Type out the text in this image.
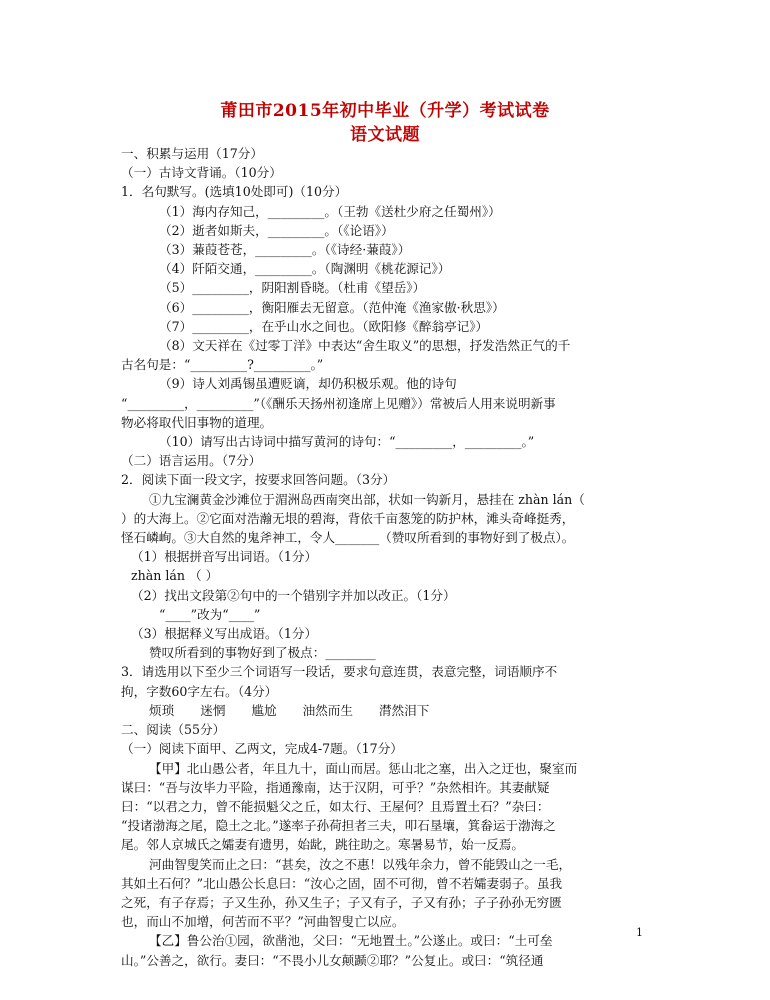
莆田市2015年初中毕业（升学）考试试卷
语文试题

一、积累与运用（17分）

（一）古诗文背诵。（10分）

1．名句默写。(选填10处即可)（10分）

（1）海内存知己，_________。（王勃《送杜少府之任蜀州》）

（2）逝者如斯夫，_________。（《论语》）

（3）蒹葭苍苍，_________。（《诗经·蒹葭》）

（4）阡陌交通，_________。（陶渊明《桃花源记》）

（5）_________，阴阳割昏晓。（杜甫《望岳》）

（6）_________，衡阳雁去无留意。（范仲淹《渔家傲·秋思》）

（7）_________，在乎山水之间也。（欧阳修《醉翁亭记》）

（8）文天祥在《过零丁洋》中表达“舍生取义”的思想，抒发浩然正气的千

古名句是：“_________?_________。”

（9）诗人刘禹锡虽遭贬谪，却仍积极乐观。他的诗句

“_________，_________”（《酬乐天扬州初逢席上见赠》）常被后人用来说明新事

物必将取代旧事物的道理。

（10）请写出古诗词中描写黄河的诗句：“_________，_________。”

（二）语言运用。（7分）

2．阅读下面一段文字，按要求回答问题。（3分）

①九宝澜黄金沙滩位于湄洲岛西南突出部，状如一钩新月，悬挂在 zhàn lán（

）的大海上。②它面对浩瀚无垠的碧海，背依千亩葱笼的防护林，滩头奇峰挺秀，

怪石嶙峋。③大自然的鬼斧神工，令人_______（赞叹所看到的事物好到了极点）。

（1）根据拼音写出词语。（1分）

zhàn lán （ ）

（2）找出文段第②句中的一个错别字并加以改正。（1分）

“____”改为“____”

（3）根据释义写出成语。（1分）

赞叹所看到的事物好到了极点：________

3．请选用以下至少三个词语写一段话，要求句意连贯，表意完整，词语顺序不

拘，字数60字左右。（4分）

烦琐 迷惘 尴尬 油然而生 潸然泪下

二、阅读（55分）

（一）阅读下面甲、乙两文，完成4-7题。（17分）

【甲】北山愚公者，年且九十，面山而居。惩山北之塞，出入之迂也，聚室而

谋曰：“吾与汝毕力平险，指通豫南，达于汉阴，可乎？”杂然相许。其妻献疑

曰：“以君之力，曾不能损魁父之丘，如太行、王屋何？且焉置土石？”杂曰：

“投诸渤海之尾，隐土之北。”遂率子孙荷担者三夫，叩石垦壤，箕畚运于渤海之

尾。邻人京城氏之孀妻有遗男，始龀，跳往助之。寒暑易节，始一反焉。

河曲智叟笑而止之曰：“甚矣，汝之不惠！以残年余力，曾不能毁山之一毛，

其如土石何？”北山愚公长息曰：“汝心之固，固不可彻，曾不若孀妻弱子。虽我

之死，有子存焉；子又生孙，孙又生子；子又有子，子又有孙；子子孙孙无穷匮

也，而山不加增，何苦而不平？”河曲智叟亡以应。

【乙】鲁公治①园，欲凿池，父曰：“无地置土。”公遂止。或曰：“土可垒

山。”公善之，欲行。妻曰：“不畏小儿女颠踬②耶？”公复止。或曰：“筑径通

1
